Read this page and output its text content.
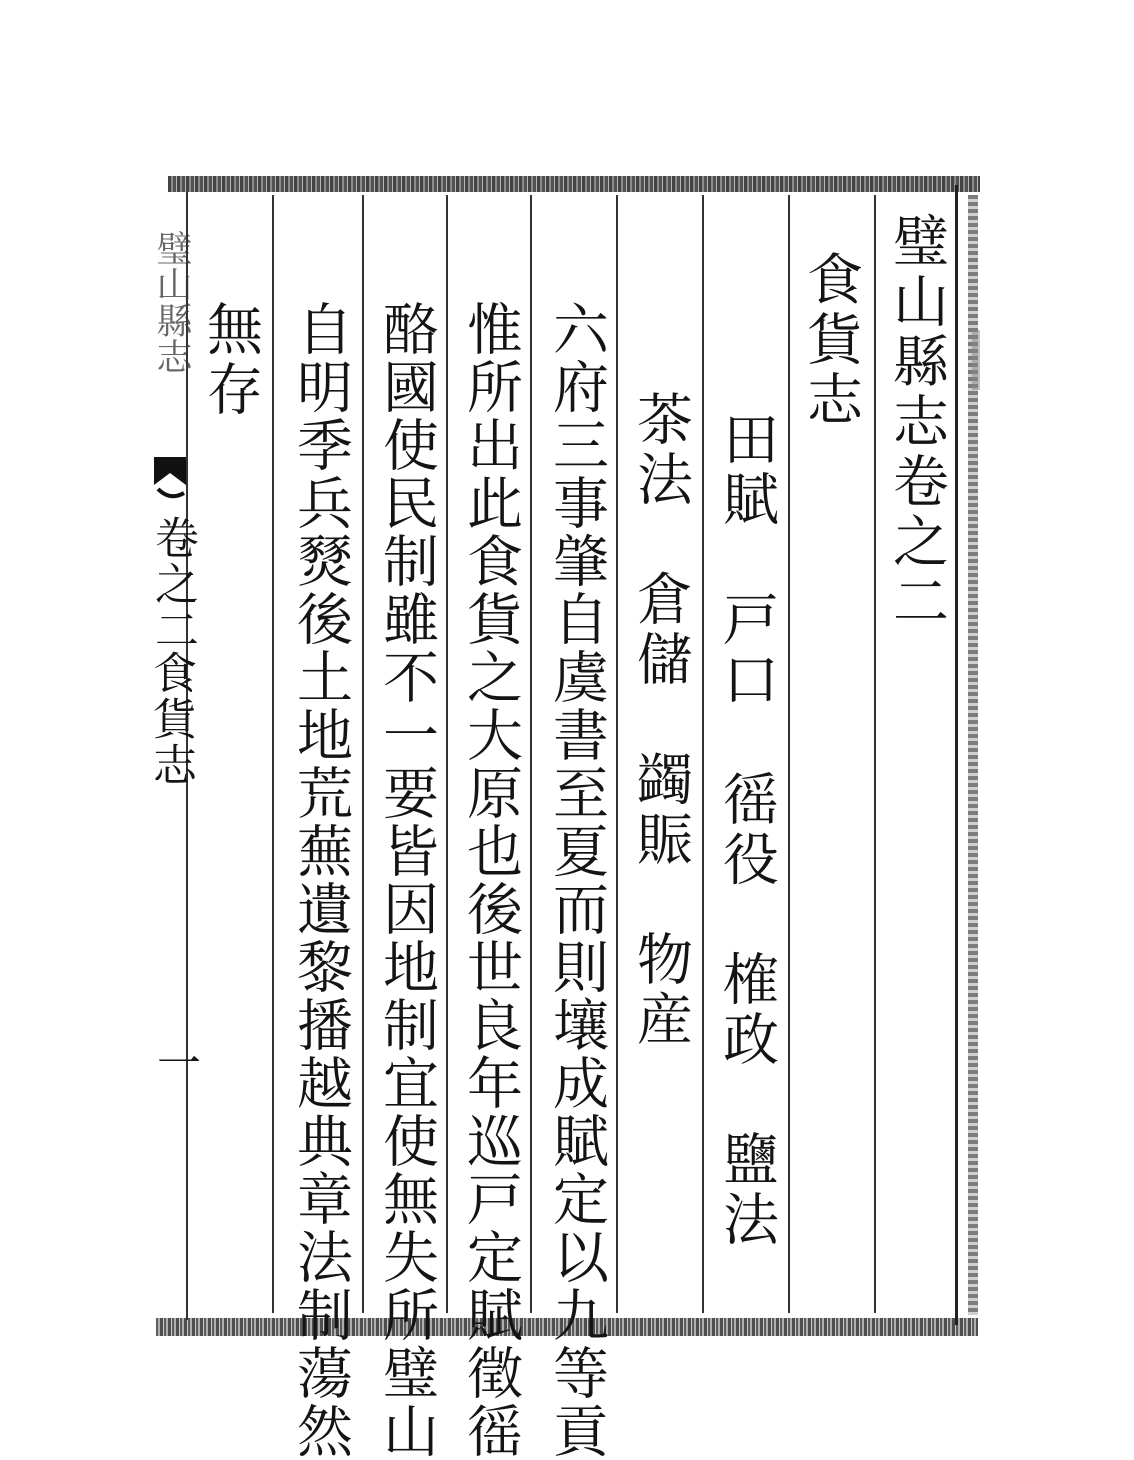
璧山縣志
卷之二
食貨志
一
璧山縣志卷之二
食貨志
田賦　戸口　徭役　榷政　鹽法
茶法　倉儲　蠲賑　物産
六府三事肇自虞書至夏而則壤成賦定以九等貢
惟所出此食貨之大原也後世良年巡戸定賦徵徭
酪國使民制雖不一要皆因地制宜使無失所璧山
自明季兵燹後土地荒蕪遺黎播越典章法制蕩然
無存
